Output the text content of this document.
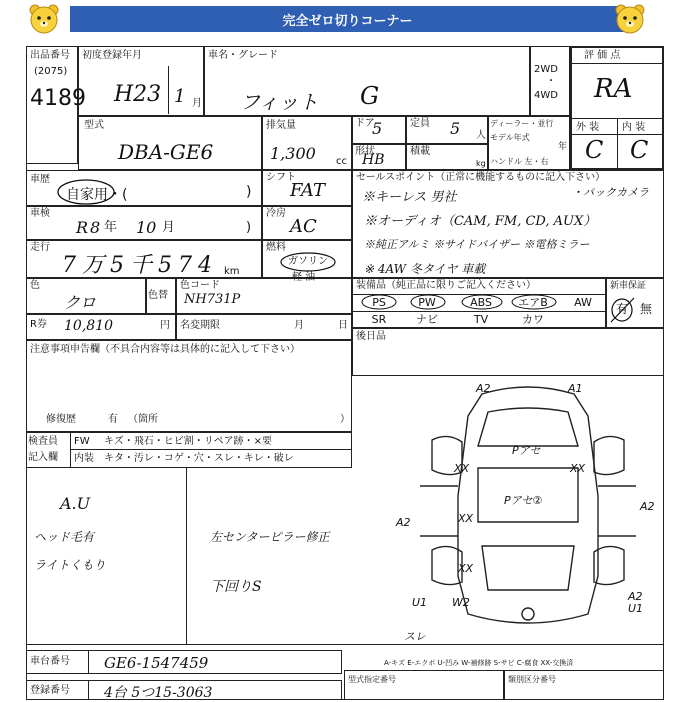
完全ゼロ切りコーナー
出品番号
(2075)
4189
初度登録年月
H23 1 月
車名・グレード
フィット G
2WD
・
4WD
評 価 点
RA
外 装 内 装
C C
型式
DBA-GE6
排気量
1,300 cc
ドア
5	定員 5 人
ディーラー・並行
モデル年式
年
ハンドル 左・右
形状
HB
積載
kg
車歴
自家用・(	)
シフト
FAT
セールスポイント（正常に機能するものに記入下さい）
※キーレス 男社	・パックカメラ
※オーディオ（CAM, FM, CD, AUX）
※純正アルミ ※サイドバイザー ※電格ミラー
※ 4AW 冬タイヤ 車載
車検
R 8 年 10 月	)
冷房
AC
走行
7万5千574 km
燃料
ガソリン
軽 油
色
クロ	色替
色コード
NH731P
装備品（純正品に限りご記入ください）
PS	PW	ABS	エアB	AW
SR	ナビ	TV	カワ
新車保証
有 無
R券 10,810	円 名変期限	月	日
後日品
注意事項申告欄（不具合内容等は具体的に記入して下さい）
修復歴	有 （箇所	）
検査員
記入欄
FW キズ・飛石・ヒビ割・リペア跡・×要
内装 キタ・汚レ・コゲ・穴・スレ・キレ・破レ
A.U
ヘッド毛有
ライトくもり
左センターピラー修正
下回りS
A2	A1
Pアセ
XX	XX
Pアセ②
A2
A2
XX
XX
U1 W2	A2
U1
スレ
車台番号 GE6-1547459
登録番号 4台 5つ15-3063
A-キズ E-エクボ U-凹み W-補修跡 S-サビ C-腐食 XX-交換済
型式指定番号	類別区分番号
